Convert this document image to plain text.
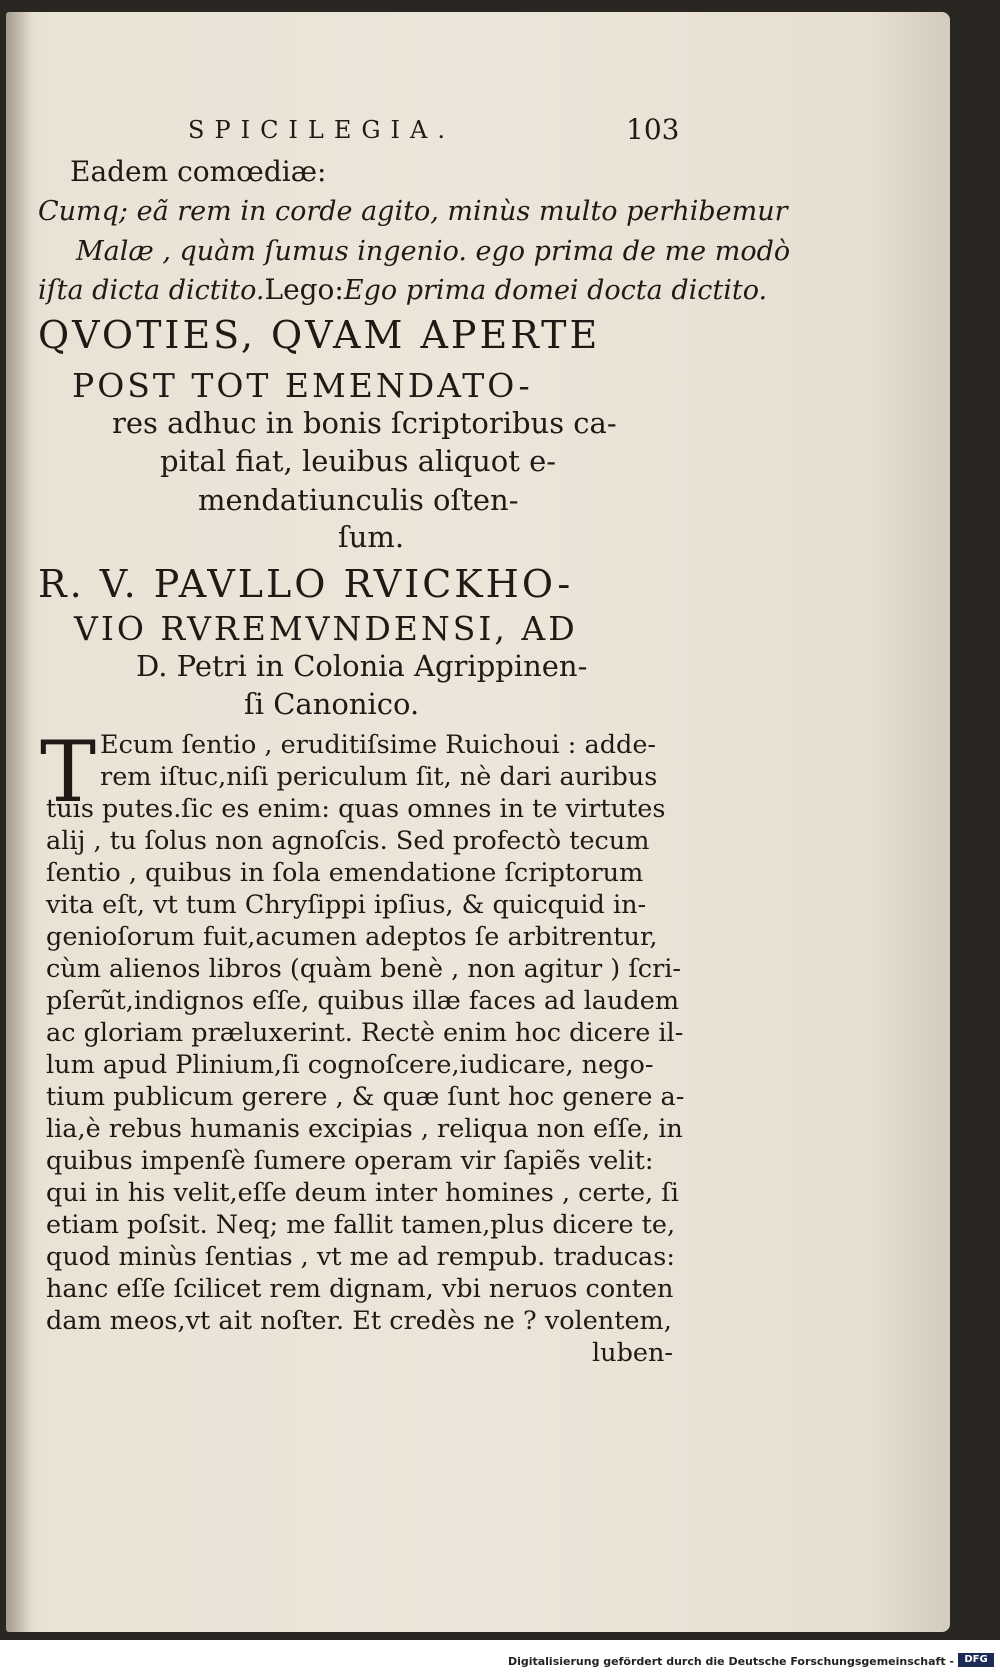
SPICILEGIA.	103
Eadem comœdiæ:
Cumq; eã rem in corde agito, minùs multo perhibemur
Malæ , quàm ſumus ingenio. ego prima de me modò
iſta dicta dictito.Lego:Ego prima domei docta dictito.
QVOTIES, QVAM APERTE
POST TOT EMENDATO-
res adhuc in bonis ſcriptoribus ca-
pital fiat, leuibus aliquot e-
mendatiunculis oſten-
ſum.
R. V. PAVLLO RVICKHO-
VIO RVREMVNDENSI, AD
D. Petri in Colonia Agrippinen-
ſi Canonico.
T Ecum ſentio , eruditiſsime Ruichoui : adde-
rem iſtuc,niſi periculum ſit, nè dari auribus
tuis putes.ſic es enim: quas omnes in te virtutes
alij , tu ſolus non agnoſcis. Sed profectò tecum
ſentio , quibus in ſola emendatione ſcriptorum
vita eſt, vt tum Chryſippi ipſius, & quicquid in-
genioſorum fuit,acumen adeptos ſe arbitrentur,
cùm alienos libros (quàm benè , non agitur ) ſcri-
pſerũt,indignos eſſe, quibus illæ faces ad laudem
ac gloriam præluxerint. Rectè enim hoc dicere il-
lum apud Plinium,ſi cognoſcere,iudicare, nego-
tium publicum gerere , & quæ ſunt hoc genere a-
lia,è rebus humanis excipias , reliqua non eſſe, in
quibus impenſè ſumere operam vir ſapiẽs velit:
qui in his velit,eſſe deum inter homines , certe, ſi
etiam poſsit. Neq; me fallit tamen,plus dicere te,
quod minùs ſentias , vt me ad rempub. traducas:
hanc eſſe ſcilicet rem dignam, vbi neruos conten
dam meos,vt ait noſter. Et credès ne ? volentem,
luben-
Digitalisierung gefördert durch die Deutsche Forschungsgemeinschaft -	DFG
